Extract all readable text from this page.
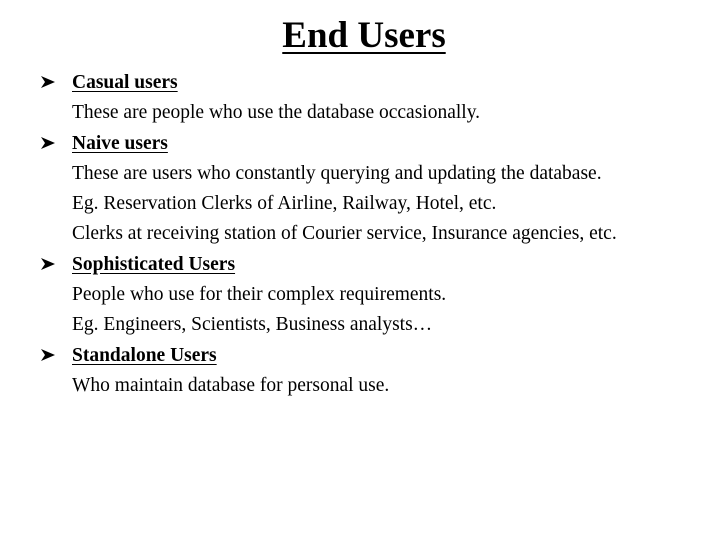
End Users
Casual users
These are people who use the database occasionally.
Naive users
These are users who constantly querying and updating the database.
Eg. Reservation Clerks of Airline, Railway, Hotel, etc.
Clerks at receiving station of Courier service, Insurance agencies, etc.
Sophisticated Users
People who use for their complex requirements.
Eg. Engineers, Scientists, Business analysts…
Standalone Users
Who maintain database for personal use.
